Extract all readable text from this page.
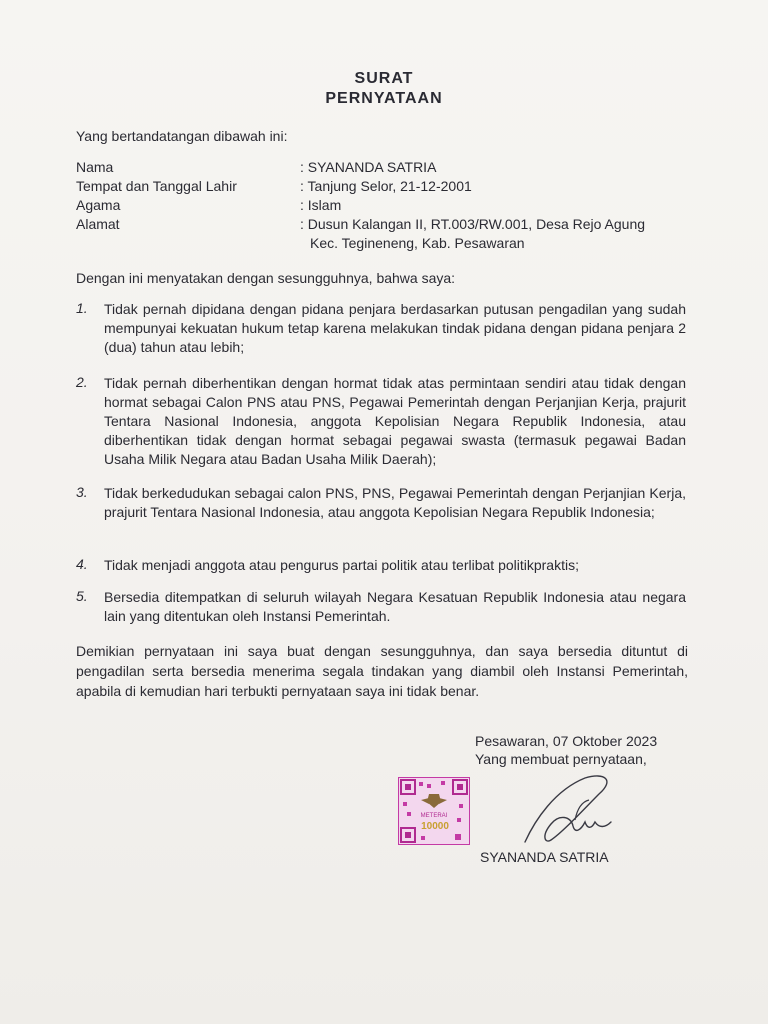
SURAT
PERNYATAAN
Yang bertandatangan dibawah ini:
Nama	: SYANANDA SATRIA
Tempat dan Tanggal Lahir	: Tanjung Selor, 21-12-2001
Agama	: Islam
Alamat	: Dusun Kalangan II, RT.003/RW.001, Desa Rejo Agung
Kec. Tegineneng, Kab. Pesawaran
Dengan ini menyatakan dengan sesungguhnya, bahwa saya:
1. Tidak pernah dipidana dengan pidana penjara berdasarkan putusan pengadilan yang sudah mempunyai kekuatan hukum tetap karena melakukan tindak pidana dengan pidana penjara 2 (dua) tahun atau lebih;
2. Tidak pernah diberhentikan dengan hormat tidak atas permintaan sendiri atau tidak dengan hormat sebagai Calon PNS atau PNS, Pegawai Pemerintah dengan Perjanjian Kerja, prajurit Tentara Nasional Indonesia, anggota Kepolisian Negara Republik Indonesia, atau diberhentikan tidak dengan hormat sebagai pegawai swasta (termasuk pegawai Badan Usaha Milik Negara atau Badan Usaha Milik Daerah);
3. Tidak berkedudukan sebagai calon PNS, PNS, Pegawai Pemerintah dengan Perjanjian Kerja, prajurit Tentara Nasional Indonesia, atau anggota Kepolisian Negara Republik Indonesia;
4. Tidak menjadi anggota atau pengurus partai politik atau terlibat politikpraktis;
5. Bersedia ditempatkan di seluruh wilayah Negara Kesatuan Republik Indonesia atau negara lain yang ditentukan oleh Instansi Pemerintah.
Demikian pernyataan ini saya buat dengan sesungguhnya, dan saya bersedia dituntut di pengadilan serta bersedia menerima segala tindakan yang diambil oleh Instansi Pemerintah, apabila di kemudian hari terbukti pernyataan saya ini tidak benar.
Pesawaran, 07 Oktober 2023
Yang membuat pernyataan,
METERAI
10000
SYANANDA SATRIA
